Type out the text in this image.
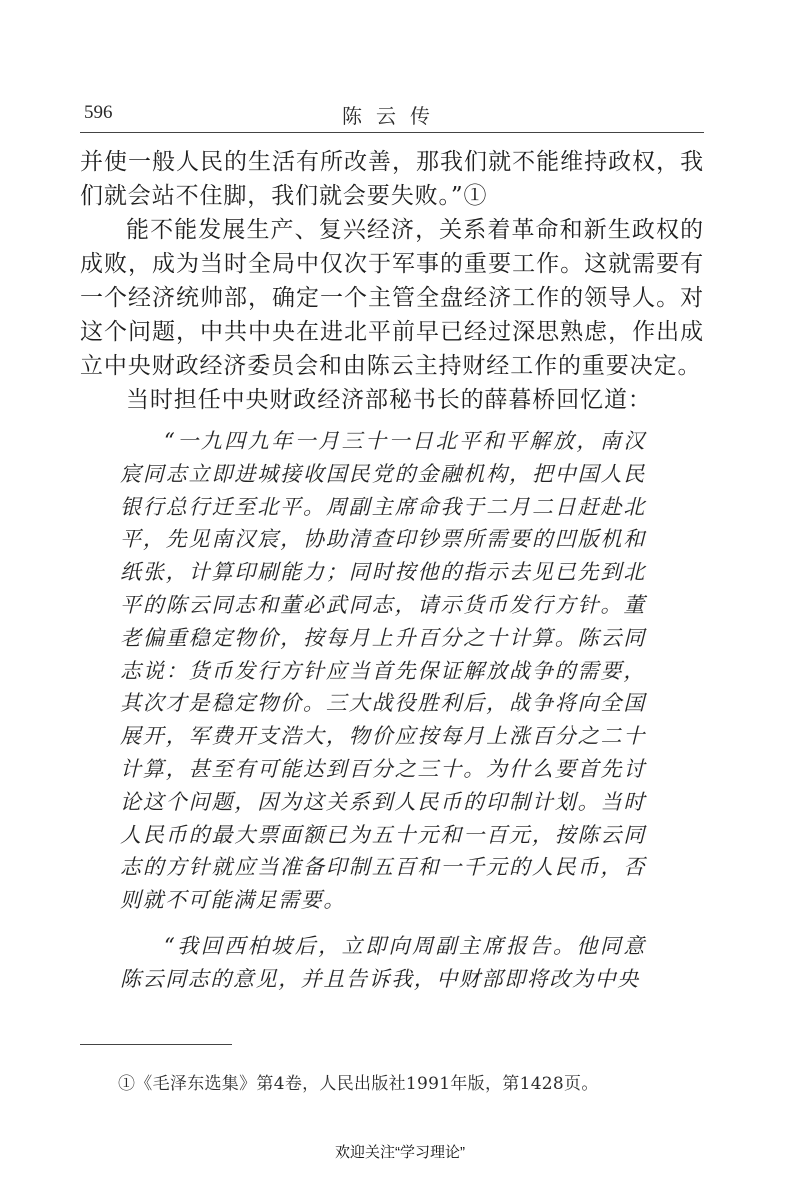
596	陈云传

并使一般人民的生活有所改善，那我们就不能维持政权，我们就会站不住脚，我们就会要失败。”①

能不能发展生产、复兴经济，关系着革命和新生政权的成败，成为当时全局中仅次于军事的重要工作。这就需要有一个经济统帅部，确定一个主管全盘经济工作的领导人。对这个问题，中共中央在进北平前早已经过深思熟虑，作出成立中央财政经济委员会和由陈云主持财经工作的重要决定。

当时担任中央财政经济部秘书长的薛暮桥回忆道：

“一九四九年一月三十一日北平和平解放，南汉宸同志立即进城接收国民党的金融机构，把中国人民银行总行迁至北平。周副主席命我于二月二日赶赴北平，先见南汉宸，协助清查印钞票所需要的凹版机和纸张，计算印刷能力；同时按他的指示去见已先到北平的陈云同志和董必武同志，请示货币发行方针。董老偏重稳定物价，按每月上升百分之十计算。陈云同志说：货币发行方针应当首先保证解放战争的需要，其次才是稳定物价。三大战役胜利后，战争将向全国展开，军费开支浩大，物价应按每月上涨百分之二十计算，甚至有可能达到百分之三十。为什么要首先讨论这个问题，因为这关系到人民币的印制计划。当时人民币的最大票面额已为五十元和一百元，按陈云同志的方针就应当准备印制五百和一千元的人民币，否则就不可能满足需要。

“我回西柏坡后，立即向周副主席报告。他同意陈云同志的意见，并且告诉我，中财部即将改为中央

①《毛泽东选集》第4卷，人民出版社1991年版，第1428页。

欢迎关注“学习理论”
